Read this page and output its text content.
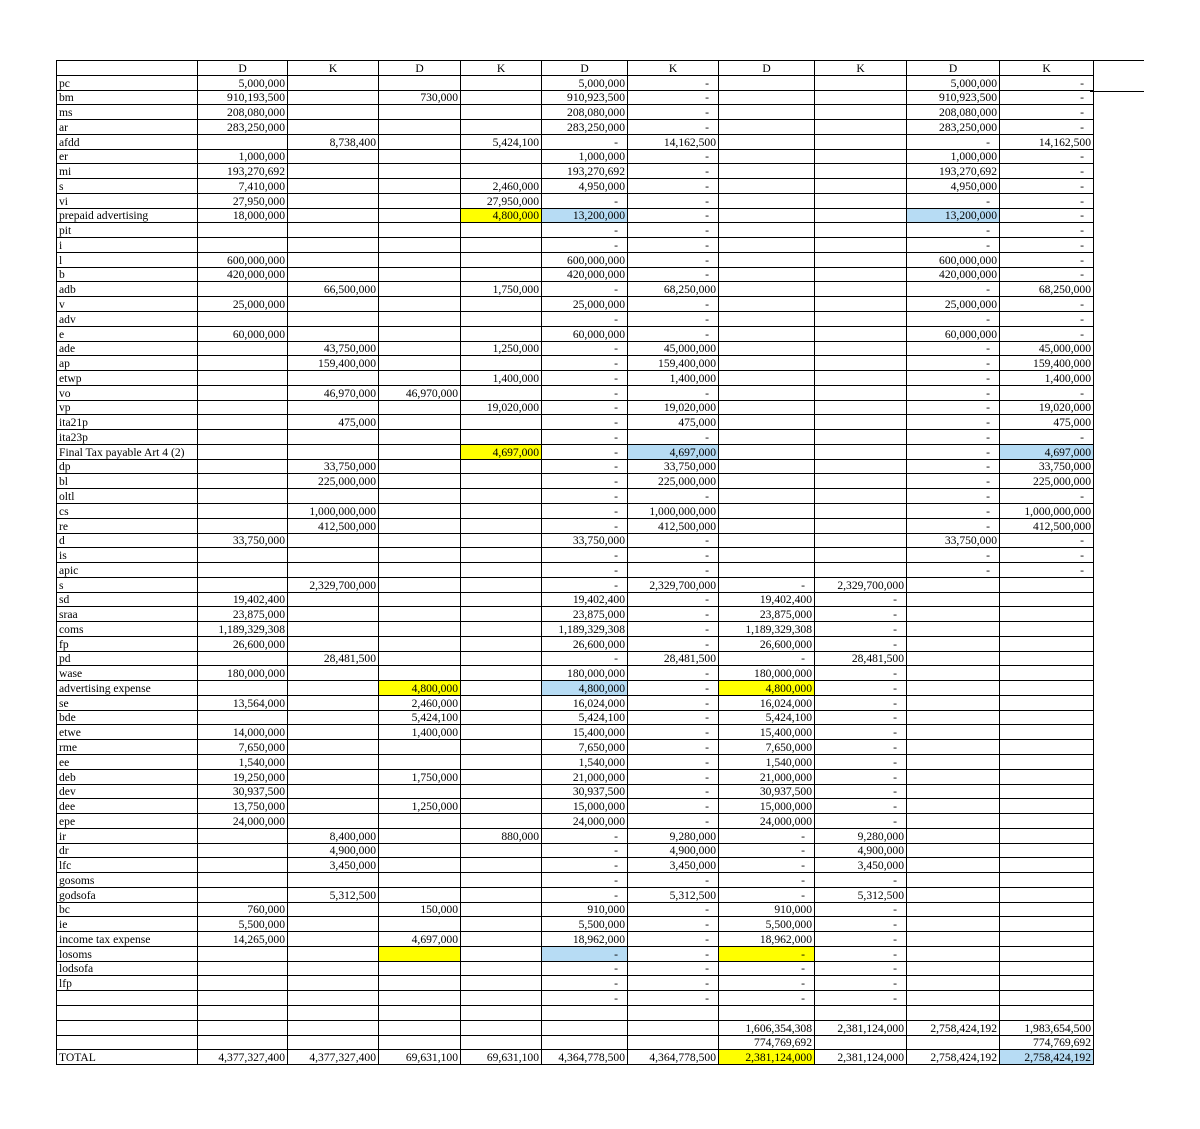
	D	K	D	K	D	K	D	K	D	K
pc	5,000,000				5,000,000	-			5,000,000	-
bm	910,193,500		730,000		910,923,500	-			910,923,500	-
ms	208,080,000				208,080,000	-			208,080,000	-
ar	283,250,000				283,250,000	-			283,250,000	-
afdd		8,738,400		5,424,100	-	14,162,500			-	14,162,500
er	1,000,000				1,000,000	-			1,000,000	-
mi	193,270,692				193,270,692	-			193,270,692	-
s	7,410,000			2,460,000	4,950,000	-			4,950,000	-
vi	27,950,000			27,950,000	-	-			-	-
prepaid advertising	18,000,000			4,800,000	13,200,000	-			13,200,000	-
pit					-	-			-	-
i					-	-			-	-
l	600,000,000				600,000,000	-			600,000,000	-
b	420,000,000				420,000,000	-			420,000,000	-
adb		66,500,000		1,750,000	-	68,250,000			-	68,250,000
v	25,000,000				25,000,000	-			25,000,000	-
adv					-	-			-	-
e	60,000,000				60,000,000	-			60,000,000	-
ade		43,750,000		1,250,000	-	45,000,000			-	45,000,000
ap		159,400,000			-	159,400,000			-	159,400,000
etwp				1,400,000	-	1,400,000			-	1,400,000
vo		46,970,000	46,970,000		-	-			-	-
vp				19,020,000	-	19,020,000			-	19,020,000
ita21p		475,000			-	475,000			-	475,000
ita23p					-	-			-	-
Final Tax payable Art 4 (2)				4,697,000	-	4,697,000			-	4,697,000
dp		33,750,000			-	33,750,000			-	33,750,000
bl		225,000,000			-	225,000,000			-	225,000,000
oltl					-	-			-	-
cs		1,000,000,000			-	1,000,000,000			-	1,000,000,000
re		412,500,000			-	412,500,000			-	412,500,000
d	33,750,000				33,750,000	-			33,750,000	-
is					-	-			-	-
apic					-	-			-	-
s		2,329,700,000			-	2,329,700,000	-	2,329,700,000		
sd	19,402,400				19,402,400	-	19,402,400	-		
sraa	23,875,000				23,875,000	-	23,875,000	-		
coms	1,189,329,308				1,189,329,308	-	1,189,329,308	-		
fp	26,600,000				26,600,000	-	26,600,000	-		
pd		28,481,500			-	28,481,500	-	28,481,500		
wase	180,000,000				180,000,000	-	180,000,000	-		
advertising expense			4,800,000		4,800,000	-	4,800,000	-		
se	13,564,000		2,460,000		16,024,000	-	16,024,000	-		
bde			5,424,100		5,424,100	-	5,424,100	-		
etwe	14,000,000		1,400,000		15,400,000	-	15,400,000	-		
rme	7,650,000				7,650,000	-	7,650,000	-		
ee	1,540,000				1,540,000	-	1,540,000	-		
deb	19,250,000		1,750,000		21,000,000	-	21,000,000	-		
dev	30,937,500				30,937,500	-	30,937,500	-		
dee	13,750,000		1,250,000		15,000,000	-	15,000,000	-		
epe	24,000,000				24,000,000	-	24,000,000	-		
ir		8,400,000		880,000	-	9,280,000	-	9,280,000		
dr		4,900,000			-	4,900,000	-	4,900,000		
lfc		3,450,000			-	3,450,000	-	3,450,000		
gosoms					-	-	-	-		
godsofa		5,312,500			-	5,312,500	-	5,312,500		
bc	760,000		150,000		910,000	-	910,000	-		
ie	5,500,000				5,500,000	-	5,500,000	-		
income tax expense	14,265,000		4,697,000		18,962,000	-	18,962,000	-		
losoms					-	-	-	-		
lodsofa					-	-	-	-		
lfp					-	-	-	-		
					-	-	-	-		

							1,606,354,308	2,381,124,000	2,758,424,192	1,983,654,500
							774,769,692			774,769,692
TOTAL	4,377,327,400	4,377,327,400	69,631,100	69,631,100	4,364,778,500	4,364,778,500	2,381,124,000	2,381,124,000	2,758,424,192	2,758,424,192
